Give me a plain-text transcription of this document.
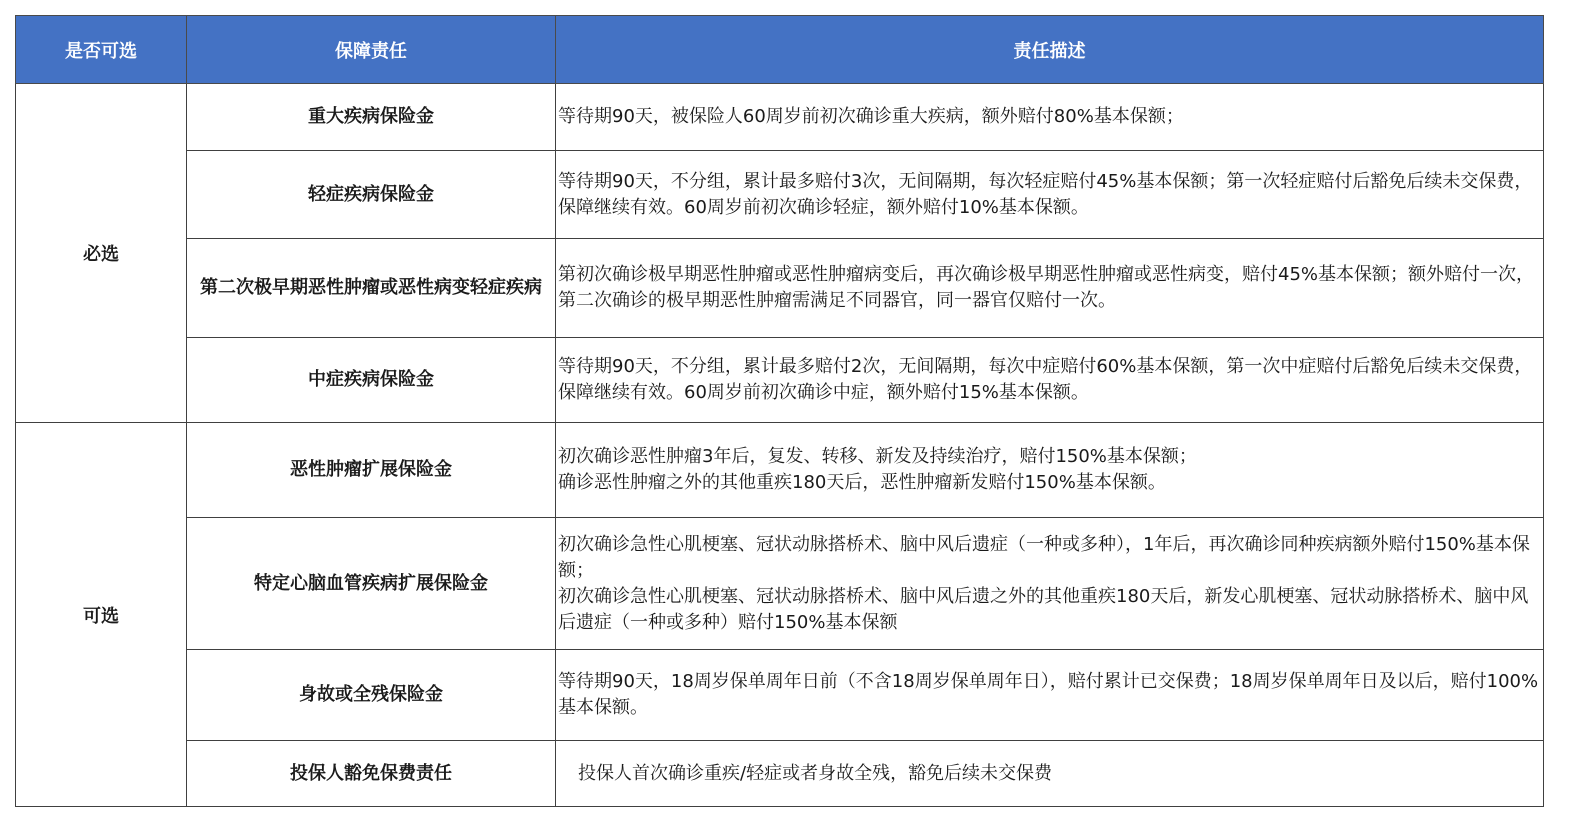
是否可选	保障责任	责任描述
必选	重大疾病保险金	等待期90天，被保险人60周岁前初次确诊重大疾病，额外赔付80%基本保额；

	轻症疾病保险金	等待期90天，不分组，累计最多赔付3次，无间隔期，每次轻症赔付45%基本保额；第一次轻症赔付后豁免后续未交保费，保障继续有效。60周岁前初次确诊轻症，额外赔付10%基本保额。

	第二次极早期恶性肿瘤或恶性病变轻症疾病	第初次确诊极早期恶性肿瘤或恶性肿瘤病变后，再次确诊极早期恶性肿瘤或恶性病变，赔付45%基本保额；额外赔付一次，第二次确诊的极早期恶性肿瘤需满足不同器官，同一器官仅赔付一次。

	中症疾病保险金	等待期90天，不分组，累计最多赔付2次，无间隔期，每次中症赔付60%基本保额，第一次中症赔付后豁免后续未交保费，保障继续有效。60周岁前初次确诊中症，额外赔付15%基本保额。

可选	恶性肿瘤扩展保险金	初次确诊恶性肿瘤3年后，复发、转移、新发及持续治疗，赔付150%基本保额；
确诊恶性肿瘤之外的其他重疾180天后，恶性肿瘤新发赔付150%基本保额。

	特定心脑血管疾病扩展保险金	初次确诊急性心肌梗塞、冠状动脉搭桥术、脑中风后遗症（一种或多种），1年后，再次确诊同种疾病额外赔付150%基本保额；
初次确诊急性心肌梗塞、冠状动脉搭桥术、脑中风后遗之外的其他重疾180天后，新发心肌梗塞、冠状动脉搭桥术、脑中风后遗症（一种或多种）赔付150%基本保额

	身故或全残保险金	等待期90天，18周岁保单周年日前（不含18周岁保单周年日），赔付累计已交保费；18周岁保单周年日及以后，赔付100%基本保额。

	投保人豁免保费责任	投保人首次确诊重疾/轻症或者身故全残，豁免后续未交保费
